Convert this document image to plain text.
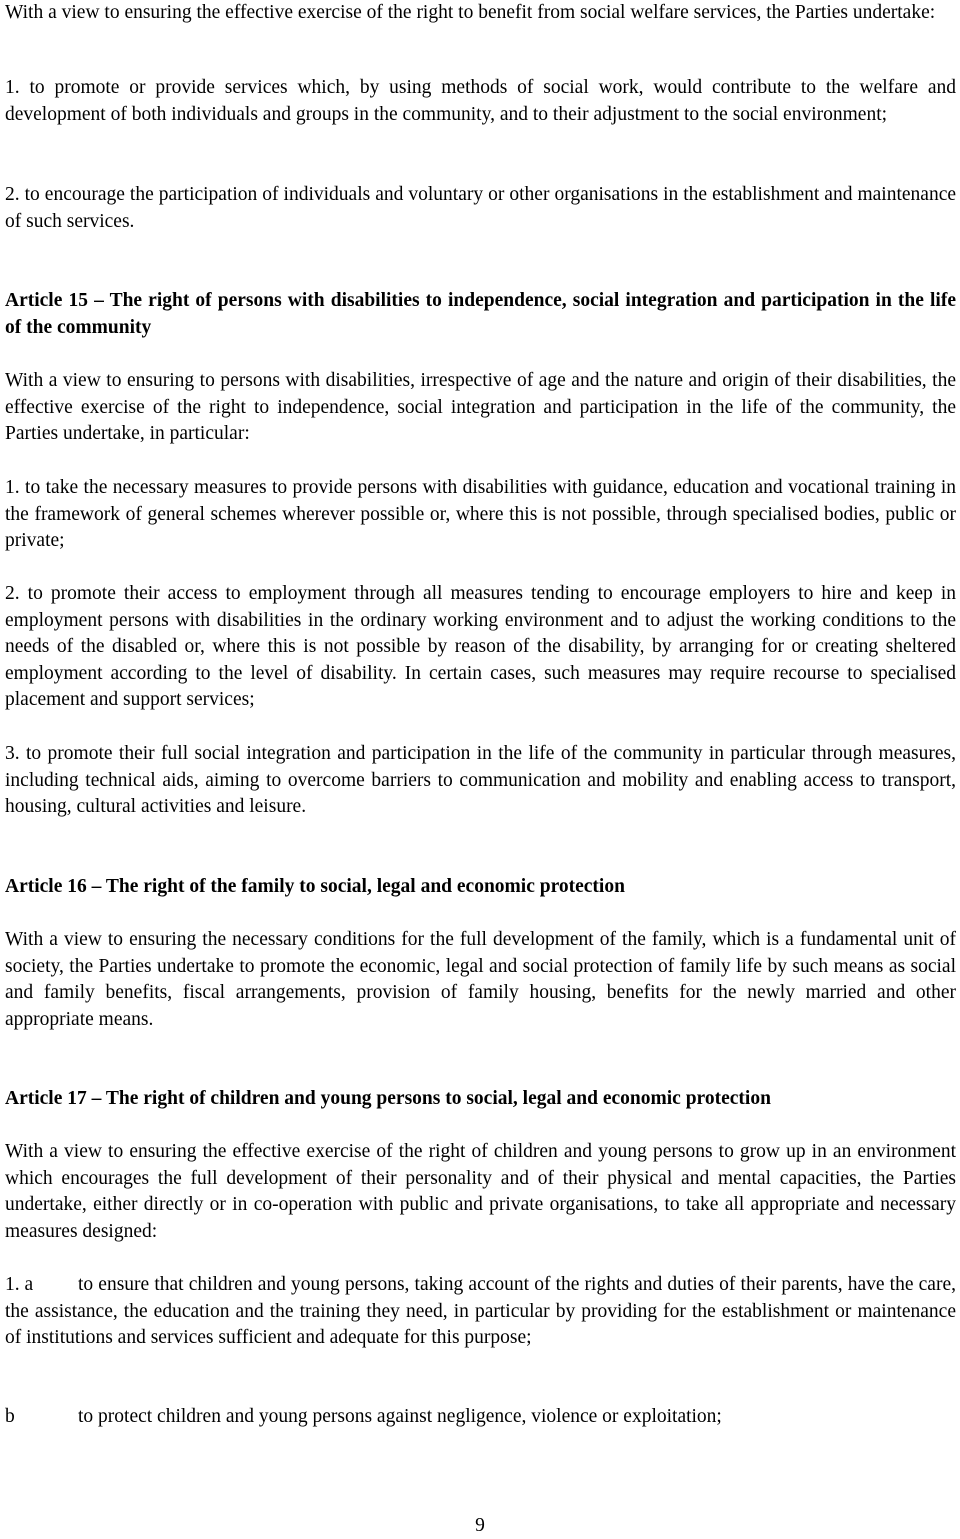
With a view to ensuring the effective exercise of the right to benefit from social welfare services, the Parties undertake:

1. to promote or provide services which, by using methods of social work, would contribute to the welfare and development of both individuals and groups in the community, and to their adjustment to the social environment;

2. to encourage the participation of individuals and voluntary or other organisations in the establishment and maintenance of such services.

Article 15 – The right of persons with disabilities to independence, social integration and participation in the life of the community

With a view to ensuring to persons with disabilities, irrespective of age and the nature and origin of their disabilities, the effective exercise of the right to independence, social integration and participation in the life of the community, the Parties undertake, in particular:

1. to take the necessary measures to provide persons with disabilities with guidance, education and vocational training in the framework of general schemes wherever possible or, where this is not possible, through specialised bodies, public or private;

2. to promote their access to employment through all measures tending to encourage employers to hire and keep in employment persons with disabilities in the ordinary working environment and to adjust the working conditions to the needs of the disabled or, where this is not possible by reason of the disability, by arranging for or creating sheltered employment according to the level of disability. In certain cases, such measures may require recourse to specialised placement and support services;

3. to promote their full social integration and participation in the life of the community in particular through measures, including technical aids, aiming to overcome barriers to communication and mobility and enabling access to transport, housing, cultural activities and leisure.

Article 16 – The right of the family to social, legal and economic protection

With a view to ensuring the necessary conditions for the full development of the family, which is a fundamental unit of society, the Parties undertake to promote the economic, legal and social protection of family life by such means as social and family benefits, fiscal arrangements, provision of family housing, benefits for the newly married and other appropriate means.

Article 17 – The right of children and young persons to social, legal and economic protection

With a view to ensuring the effective exercise of the right of children and young persons to grow up in an environment which encourages the full development of their personality and of their physical and mental capacities, the Parties undertake, either directly or in co-operation with public and private organisations, to take all appropriate and necessary measures designed:

1. a	to ensure that children and young persons, taking account of the rights and duties of their parents, have the care, the assistance, the education and the training they need, in particular by providing for the establishment or maintenance of institutions and services sufficient and adequate for this purpose;
b	to protect children and young persons against negligence, violence or exploitation;
9
